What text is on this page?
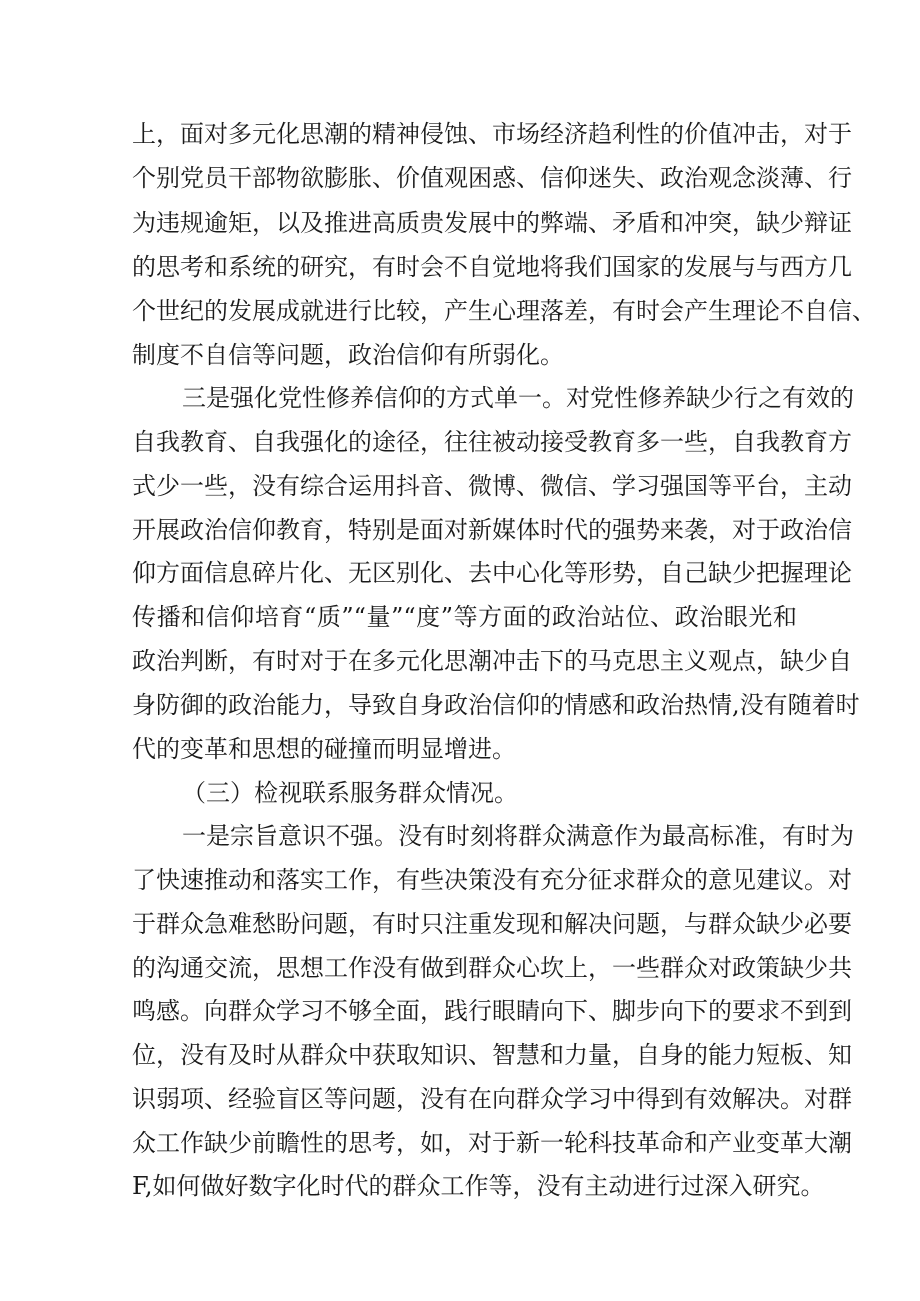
上，面对多元化思潮的精神侵蚀、市场经济趋利性的价值冲击，对于
个别党员干部物欲膨胀、价值观困惑、信仰迷失、政治观念淡薄、行
为违规逾矩，以及推进高质贵发展中的弊端、矛盾和冲突，缺少辩证
的思考和系统的研究，有时会不自觉地将我们国家的发展与与西方几
个世纪的发展成就进行比较，产生心理落差，有时会产生理论不自信、
制度不自信等问题，政治信仰有所弱化。
三是强化党性修养信仰的方式单一。对党性修养缺少行之有效的
自我教育、自我强化的途径，往往被动接受教育多一些，自我教育方
式少一些，没有综合运用抖音、微博、微信、学习强国等平台，主动
开展政治信仰教育，特别是面对新媒体时代的强势来袭，对于政治信
仰方面信息碎片化、无区别化、去中心化等形势，自己缺少把握理论
传播和信仰培育“质”“量”“度”等方面的政治站位、政治眼光和
政治判断，有时对于在多元化思潮冲击下的马克思主义观点，缺少自
身防御的政治能力，导致自身政治信仰的情感和政治热情,没有随着时
代的变革和思想的碰撞而明显增进。
（三）检视联系服务群众情况。
一是宗旨意识不强。没有时刻将群众满意作为最高标准，有时为
了快速推动和落实工作，有些决策没有充分征求群众的意见建议。对
于群众急难愁盼问题，有时只注重发现和解决问题，与群众缺少必要
的沟通交流，思想工作没有做到群众心坎上，一些群众对政策缺少共
鸣感。向群众学习不够全面，践行眼睛向下、脚步向下的要求不到到
位，没有及时从群众中获取知识、智慧和力量，自身的能力短板、知
识弱项、经验盲区等问题，没有在向群众学习中得到有效解决。对群
众工作缺少前瞻性的思考，如，对于新一轮科技革命和产业变革大潮
F,如何做好数字化时代的群众工作等，没有主动进行过深入研究。
